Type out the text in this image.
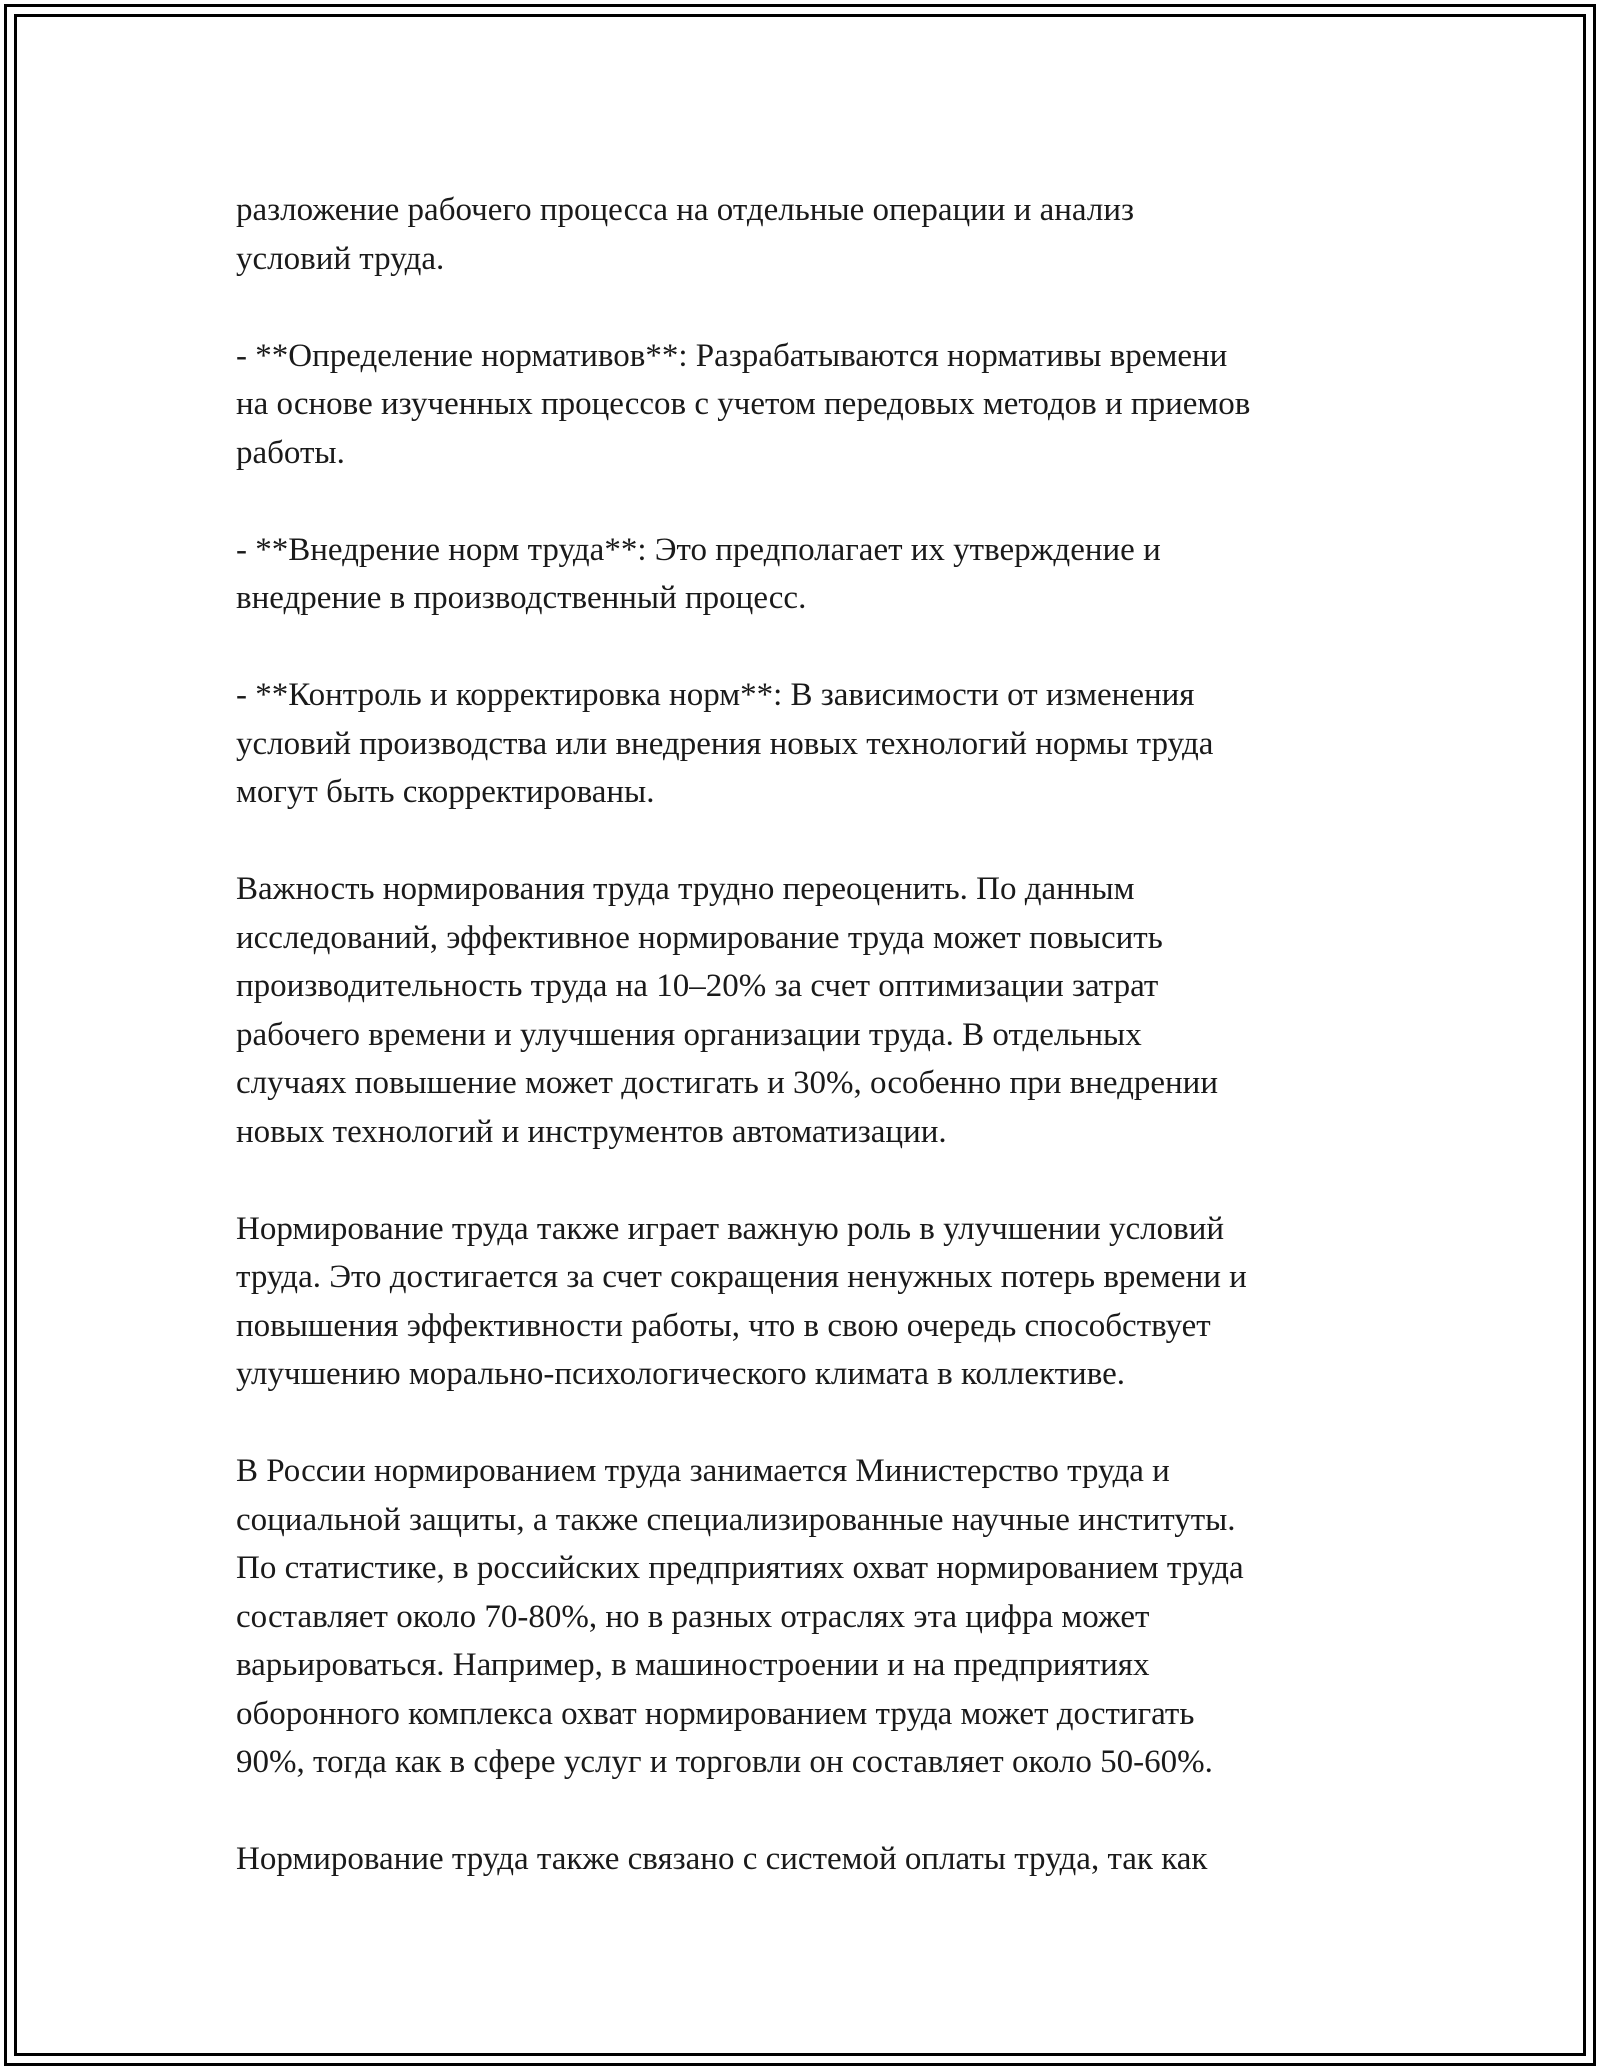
разложение рабочего процесса на отдельные операции и анализ
условий труда.

- **Определение нормативов**: Разрабатываются нормативы времени
на основе изученных процессов с учетом передовых методов и приемов
работы.

- **Внедрение норм труда**: Это предполагает их утверждение и
внедрение в производственный процесс.

- **Контроль и корректировка норм**: В зависимости от изменения
условий производства или внедрения новых технологий нормы труда
могут быть скорректированы.

Важность нормирования труда трудно переоценить. По данным
исследований, эффективное нормирование труда может повысить
производительность труда на 10–20% за счет оптимизации затрат
рабочего времени и улучшения организации труда. В отдельных
случаях повышение может достигать и 30%, особенно при внедрении
новых технологий и инструментов автоматизации.

Нормирование труда также играет важную роль в улучшении условий
труда. Это достигается за счет сокращения ненужных потерь времени и
повышения эффективности работы, что в свою очередь способствует
улучшению морально-психологического климата в коллективе.

В России нормированием труда занимается Министерство труда и
социальной защиты, а также специализированные научные институты.
По статистике, в российских предприятиях охват нормированием труда
составляет около 70-80%, но в разных отраслях эта цифра может
варьироваться. Например, в машиностроении и на предприятиях
оборонного комплекса охват нормированием труда может достигать
90%, тогда как в сфере услуг и торговли он составляет около 50-60%.

Нормирование труда также связано с системой оплаты труда, так как
